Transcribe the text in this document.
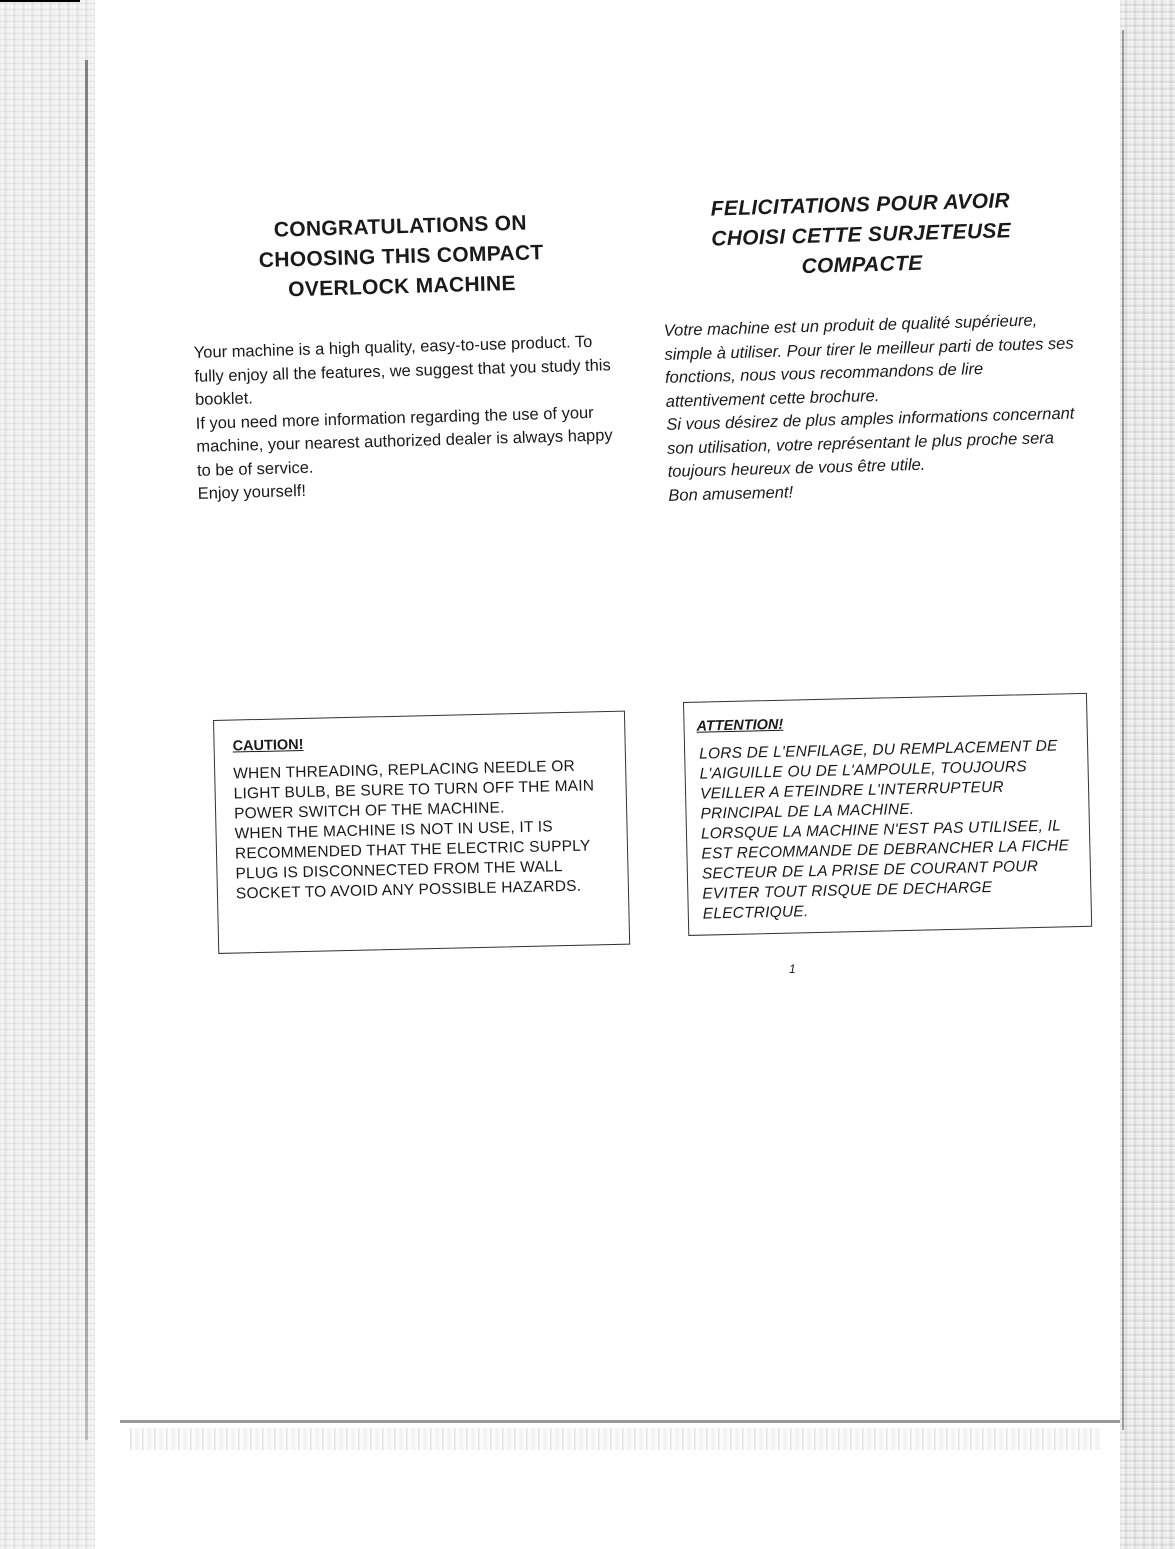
CONGRATULATIONS ON
CHOOSING THIS COMPACT
OVERLOCK MACHINE

Your machine is a high quality, easy-to-use product. To fully enjoy all the features, we suggest that you study this booklet.

If you need more information regarding the use of your machine, your nearest authorized dealer is always happy to be of service.

Enjoy yourself!

FELICITATIONS POUR AVOIR
CHOISI CETTE SURJETEUSE
COMPACTE

Votre machine est un produit de qualité supérieure, simple à utiliser. Pour tirer le meilleur parti de toutes ses fonctions, nous vous recommandons de lire attentivement cette brochure.

Si vous désirez de plus amples informations concernant son utilisation, votre représentant le plus proche sera toujours heureux de vous être utile.

Bon amusement!

CAUTION!

WHEN THREADING, REPLACING NEEDLE OR LIGHT BULB, BE SURE TO TURN OFF THE MAIN POWER SWITCH OF THE MACHINE.

WHEN THE MACHINE IS NOT IN USE, IT IS RECOMMENDED THAT THE ELECTRIC SUPPLY PLUG IS DISCONNECTED FROM THE WALL SOCKET TO AVOID ANY POSSIBLE HAZARDS.

ATTENTION!

LORS DE L'ENFILAGE, DU REMPLACEMENT DE L'AIGUILLE OU DE L'AMPOULE, TOUJOURS VEILLER A ETEINDRE L'INTERRUPTEUR PRINCIPAL DE LA MACHINE.

LORSQUE LA MACHINE N'EST PAS UTILISEE, IL EST RECOMMANDE DE DEBRANCHER LA FICHE SECTEUR DE LA PRISE DE COURANT POUR EVITER TOUT RISQUE DE DECHARGE ELECTRIQUE.

1
